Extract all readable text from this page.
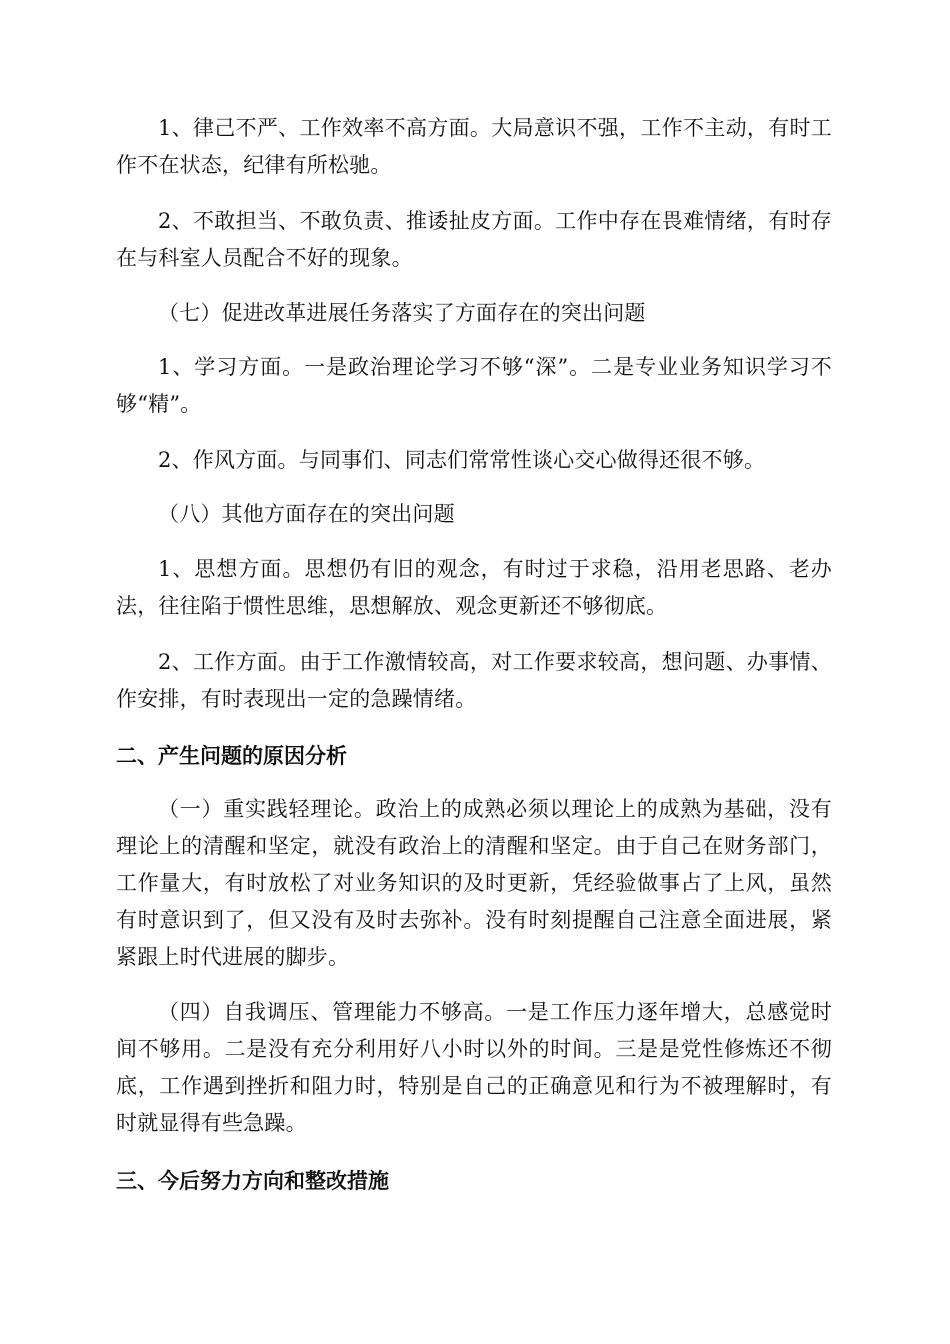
1、律己不严、工作效率不高方面。大局意识不强，工作不主动，有时工作不在状态，纪律有所松驰。

2、不敢担当、不敢负责、推诿扯皮方面。工作中存在畏难情绪，有时存在与科室人员配合不好的现象。

（七）促进改革进展任务落实了方面存在的突出问题

1、学习方面。一是政治理论学习不够“深”。二是专业业务知识学习不够“精”。

2、作风方面。与同事们、同志们常常性谈心交心做得还很不够。

（八）其他方面存在的突出问题

1、思想方面。思想仍有旧的观念，有时过于求稳，沿用老思路、老办法，往往陷于惯性思维，思想解放、观念更新还不够彻底。

2、工作方面。由于工作激情较高，对工作要求较高，想问题、办事情、作安排，有时表现出一定的急躁情绪。

二、产生问题的原因分析

（一）重实践轻理论。政治上的成熟必须以理论上的成熟为基础，没有理论上的清醒和坚定，就没有政治上的清醒和坚定。由于自己在财务部门，工作量大，有时放松了对业务知识的及时更新，凭经验做事占了上风，虽然有时意识到了，但又没有及时去弥补。没有时刻提醒自己注意全面进展，紧紧跟上时代进展的脚步。

（四）自我调压、管理能力不够高。一是工作压力逐年增大，总感觉时间不够用。二是没有充分利用好八小时以外的时间。三是是党性修炼还不彻底，工作遇到挫折和阻力时，特别是自己的正确意见和行为不被理解时，有时就显得有些急躁。

三、今后努力方向和整改措施
